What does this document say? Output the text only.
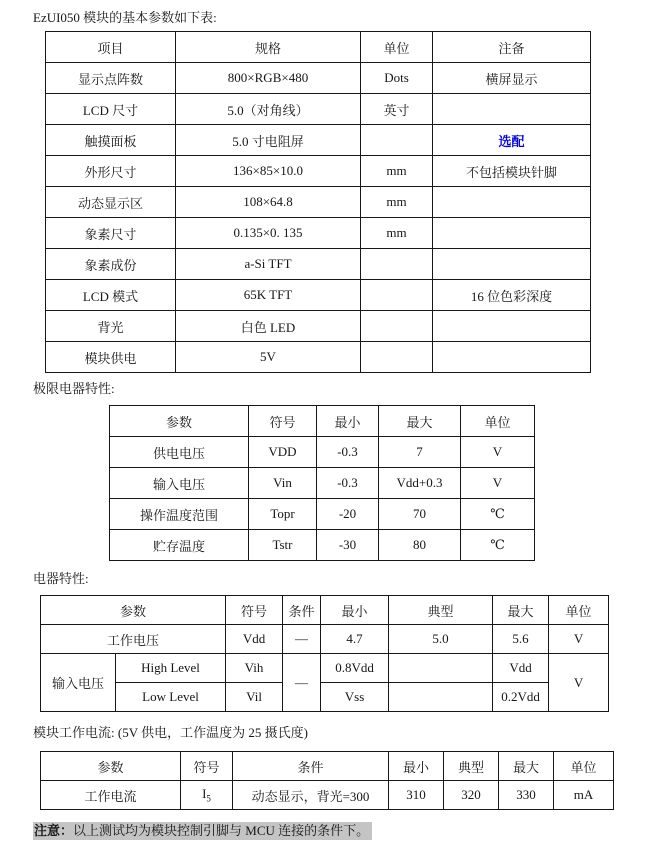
EzUI050 模块的基本参数如下表:
项目	规格	单位	注备
显示点阵数	800×RGB×480	Dots	横屏显示
LCD 尺寸	5.0（对角线）	英寸	
触摸面板	5.0 寸电阻屏		选配
外形尺寸	136×85×10.0	mm	不包括模块针脚
动态显示区	108×64.8	mm	
象素尺寸	0.135×0. 135	mm	
象素成份	a-Si TFT		
LCD 模式	65K TFT		16 位色彩深度
背光	白色 LED		
模块供电	5V		
极限电器特性:
参数	符号	最小	最大	单位
供电电压	VDD	-0.3	7	V
输入电压	Vin	-0.3	Vdd+0.3	V
操作温度范围	Topr	-20	70	℃
贮存温度	Tstr	-30	80	℃
电器特性:
参数		符号	条件	最小	典型	最大	单位
工作电压		Vdd	—	4.7	5.0	5.6	V
输入电压	High Level	Vih	—	0.8Vdd		Vdd	V
	Low Level	Vil		Vss		0.2Vdd	
模块工作电流: (5V 供电，工作温度为 25 摄氏度)
参数	符号	条件	最小	典型	最大	单位
工作电流	$I_5$	动态显示，背光=300	310	320	330	mA
注意：以上测试均为模块控制引脚与 MCU 连接的条件下。
